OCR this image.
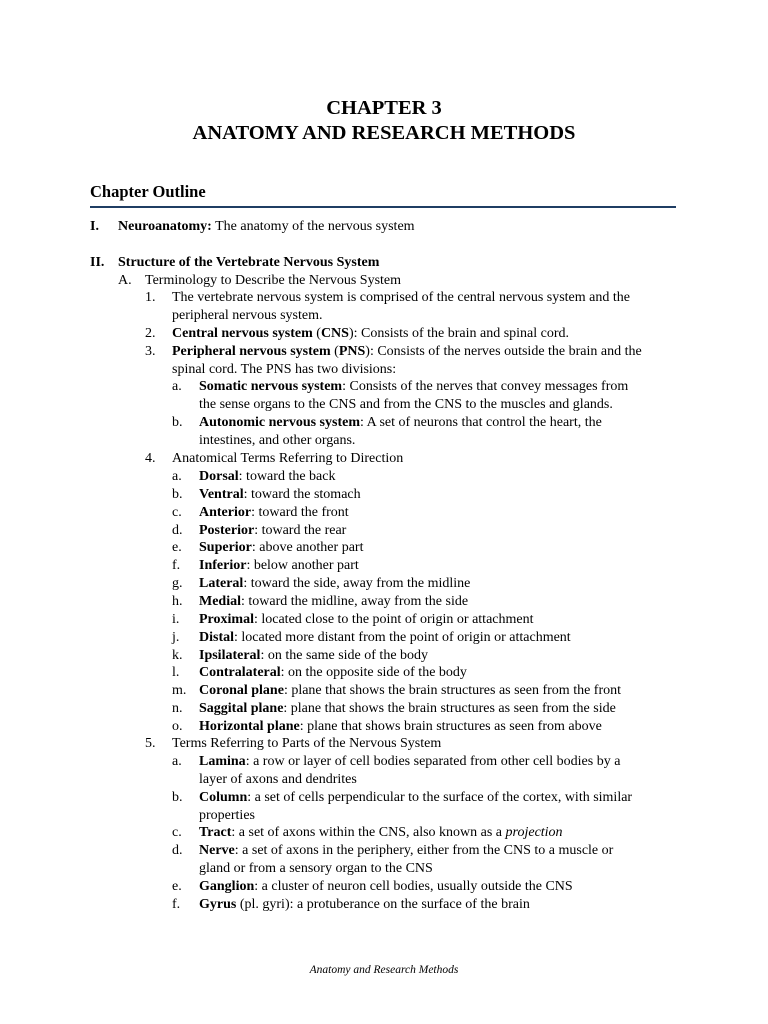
CHAPTER 3
ANATOMY AND RESEARCH METHODS
Chapter Outline
I. Neuroanatomy: The anatomy of the nervous system
II. Structure of the Vertebrate Nervous System
A. Terminology to Describe the Nervous System
1. The vertebrate nervous system is comprised of the central nervous system and the
peripheral nervous system.
2. Central nervous system (CNS): Consists of the brain and spinal cord.
3. Peripheral nervous system (PNS): Consists of the nerves outside the brain and the
spinal cord. The PNS has two divisions:
a. Somatic nervous system: Consists of the nerves that convey messages from
the sense organs to the CNS and from the CNS to the muscles and glands.
b. Autonomic nervous system: A set of neurons that control the heart, the
intestines, and other organs.
4. Anatomical Terms Referring to Direction
a. Dorsal: toward the back
b. Ventral: toward the stomach
c. Anterior: toward the front
d. Posterior: toward the rear
e. Superior: above another part
f. Inferior: below another part
g. Lateral: toward the side, away from the midline
h. Medial: toward the midline, away from the side
i. Proximal: located close to the point of origin or attachment
j. Distal: located more distant from the point of origin or attachment
k. Ipsilateral: on the same side of the body
l. Contralateral: on the opposite side of the body
m. Coronal plane: plane that shows the brain structures as seen from the front
n. Saggital plane: plane that shows the brain structures as seen from the side
o. Horizontal plane: plane that shows brain structures as seen from above
5. Terms Referring to Parts of the Nervous System
a. Lamina: a row or layer of cell bodies separated from other cell bodies by a
layer of axons and dendrites
b. Column: a set of cells perpendicular to the surface of the cortex, with similar
properties
c. Tract: a set of axons within the CNS, also known as a projection
d. Nerve: a set of axons in the periphery, either from the CNS to a muscle or
gland or from a sensory organ to the CNS
e. Ganglion: a cluster of neuron cell bodies, usually outside the CNS
f. Gyrus (pl. gyri): a protuberance on the surface of the brain
Anatomy and Research Methods
